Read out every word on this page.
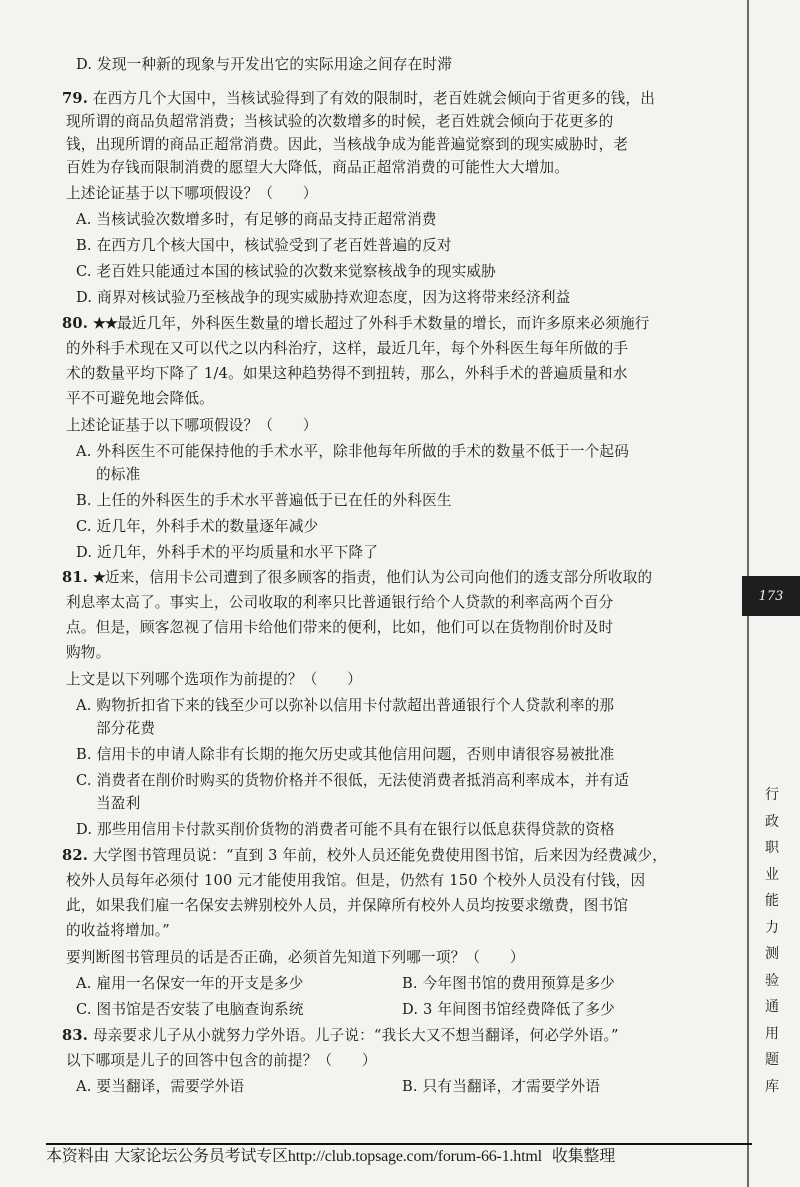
D. 发现一种新的现象与开发出它的实际用途之间存在时滞
79. 在西方几个大国中，当核试验得到了有效的限制时，老百姓就会倾向于省更多的钱，出
现所谓的商品负超常消费；当核试验的次数增多的时候，老百姓就会倾向于花更多的
钱，出现所谓的商品正超常消费。因此，当核战争成为能普遍觉察到的现实威胁时，老
百姓为存钱而限制消费的愿望大大降低，商品正超常消费的可能性大大增加。
上述论证基于以下哪项假设？（　　）
A. 当核试验次数增多时，有足够的商品支持正超常消费
B. 在西方几个核大国中，核试验受到了老百姓普遍的反对
C. 老百姓只能通过本国的核试验的次数来觉察核战争的现实威胁
D. 商界对核试验乃至核战争的现实威胁持欢迎态度，因为这将带来经济利益
80. ★★最近几年，外科医生数量的增长超过了外科手术数量的增长，而许多原来必须施行
的外科手术现在又可以代之以内科治疗，这样，最近几年，每个外科医生每年所做的手
术的数量平均下降了 1/4。如果这种趋势得不到扭转，那么，外科手术的普遍质量和水
平不可避免地会降低。
上述论证基于以下哪项假设？（　　）
A. 外科医生不可能保持他的手术水平，除非他每年所做的手术的数量不低于一个起码
的标准
B. 上任的外科医生的手术水平普遍低于已在任的外科医生
C. 近几年，外科手术的数量逐年减少
D. 近几年，外科手术的平均质量和水平下降了
81. ★近来，信用卡公司遭到了很多顾客的指责，他们认为公司向他们的透支部分所收取的
利息率太高了。事实上，公司收取的利率只比普通银行给个人贷款的利率高两个百分
点。但是，顾客忽视了信用卡给他们带来的便利，比如，他们可以在货物削价时及时
购物。
上文是以下列哪个选项作为前提的？（　　）
A. 购物折扣省下来的钱至少可以弥补以信用卡付款超出普通银行个人贷款利率的那
部分花费
B. 信用卡的申请人除非有长期的拖欠历史或其他信用问题，否则申请很容易被批准
C. 消费者在削价时购买的货物价格并不很低，无法使消费者抵消高利率成本，并有适
当盈利
D. 那些用信用卡付款买削价货物的消费者可能不具有在银行以低息获得贷款的资格
82. 大学图书管理员说：“直到 3 年前，校外人员还能免费使用图书馆，后来因为经费减少，
校外人员每年必须付 100 元才能使用我馆。但是，仍然有 150 个校外人员没有付钱，因
此，如果我们雇一名保安去辨别校外人员，并保障所有校外人员均按要求缴费，图书馆
的收益将增加。”
要判断图书管理员的话是否正确，必须首先知道下列哪一项？（　　）
A. 雇用一名保安一年的开支是多少	B. 今年图书馆的费用预算是多少
C. 图书馆是否安装了电脑查询系统	D. 3 年间图书馆经费降低了多少
83. 母亲要求儿子从小就努力学外语。儿子说：“我长大又不想当翻译，何必学外语。”
以下哪项是儿子的回答中包含的前提？（　　）
A. 要当翻译，需要学外语	B. 只有当翻译，才需要学外语
173
行政职业能力测验通用题库
本资料由 大家论坛公务员考试专区http://club.topsage.com/forum-66-1.html 收集整理
